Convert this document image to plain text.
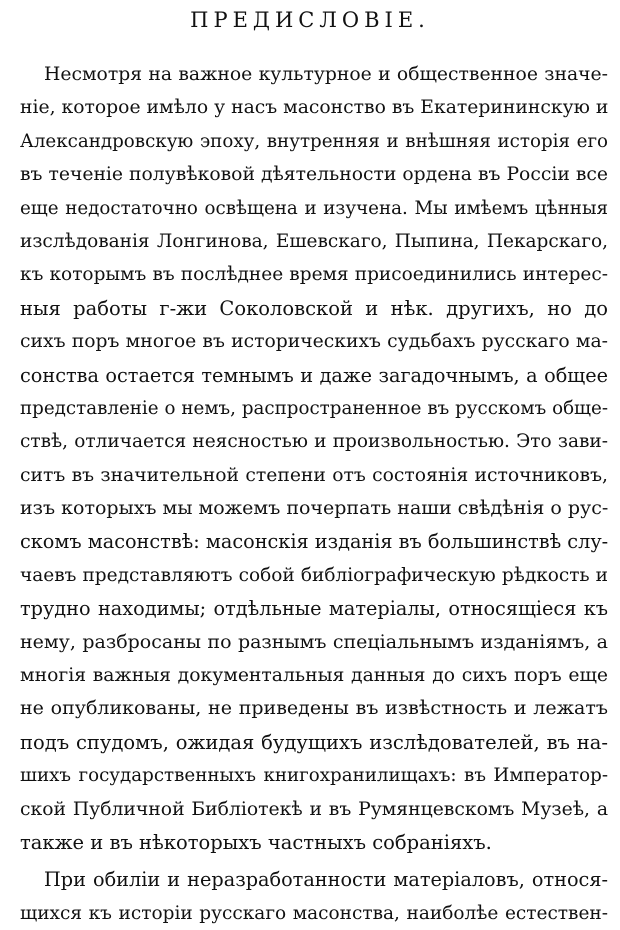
ПРЕДИСЛОВІЕ.
Несмотря на важное культурное и общественное значе-
ніе, которое имѣло у насъ масонство въ Екатерининскую и
Александровскую эпоху, внутренняя и внѣшняя исторія его
въ теченіе полувѣковой дѣятельности ордена въ Россіи все
еще недостаточно освѣщена и изучена. Мы имѣемъ цѣнныя
изслѣдованія Лонгинова, Ешевскаго, Пыпина, Пекарскаго,
къ которымъ въ послѣднее время присоединились интерес-
ныя работы г-жи Соколовской и нѣк. другихъ, но до
сихъ поръ многое въ историческихъ судьбахъ русскаго ма-
сонства остается темнымъ и даже загадочнымъ, а общее
представленіе о немъ, распространенное въ русскомъ обще-
ствѣ, отличается неясностью и произвольностью. Это зави-
ситъ въ значительной степени отъ состоянія источниковъ,
изъ которыхъ мы можемъ почерпать наши свѣдѣнія о рус-
скомъ масонствѣ: масонскія изданія въ большинствѣ слу-
чаевъ представляютъ собой библіографическую рѣдкость и
трудно находимы; отдѣльные матеріалы, относящіеся къ
нему, разбросаны по разнымъ спеціальнымъ изданіямъ, а
многія важныя документальныя данныя до сихъ поръ еще
не опубликованы, не приведены въ извѣстность и лежатъ
подъ спудомъ, ожидая будущихъ изслѣдователей, въ на-
шихъ государственныхъ книгохранилищахъ: въ Император-
ской Публичной Библіотекѣ и въ Румянцевскомъ Музеѣ, а
также и въ нѣкоторыхъ частныхъ собраніяхъ.
При обиліи и неразработанности матеріаловъ, относя-
щихся къ исторіи русскаго масонства, наиболѣе естествен-
